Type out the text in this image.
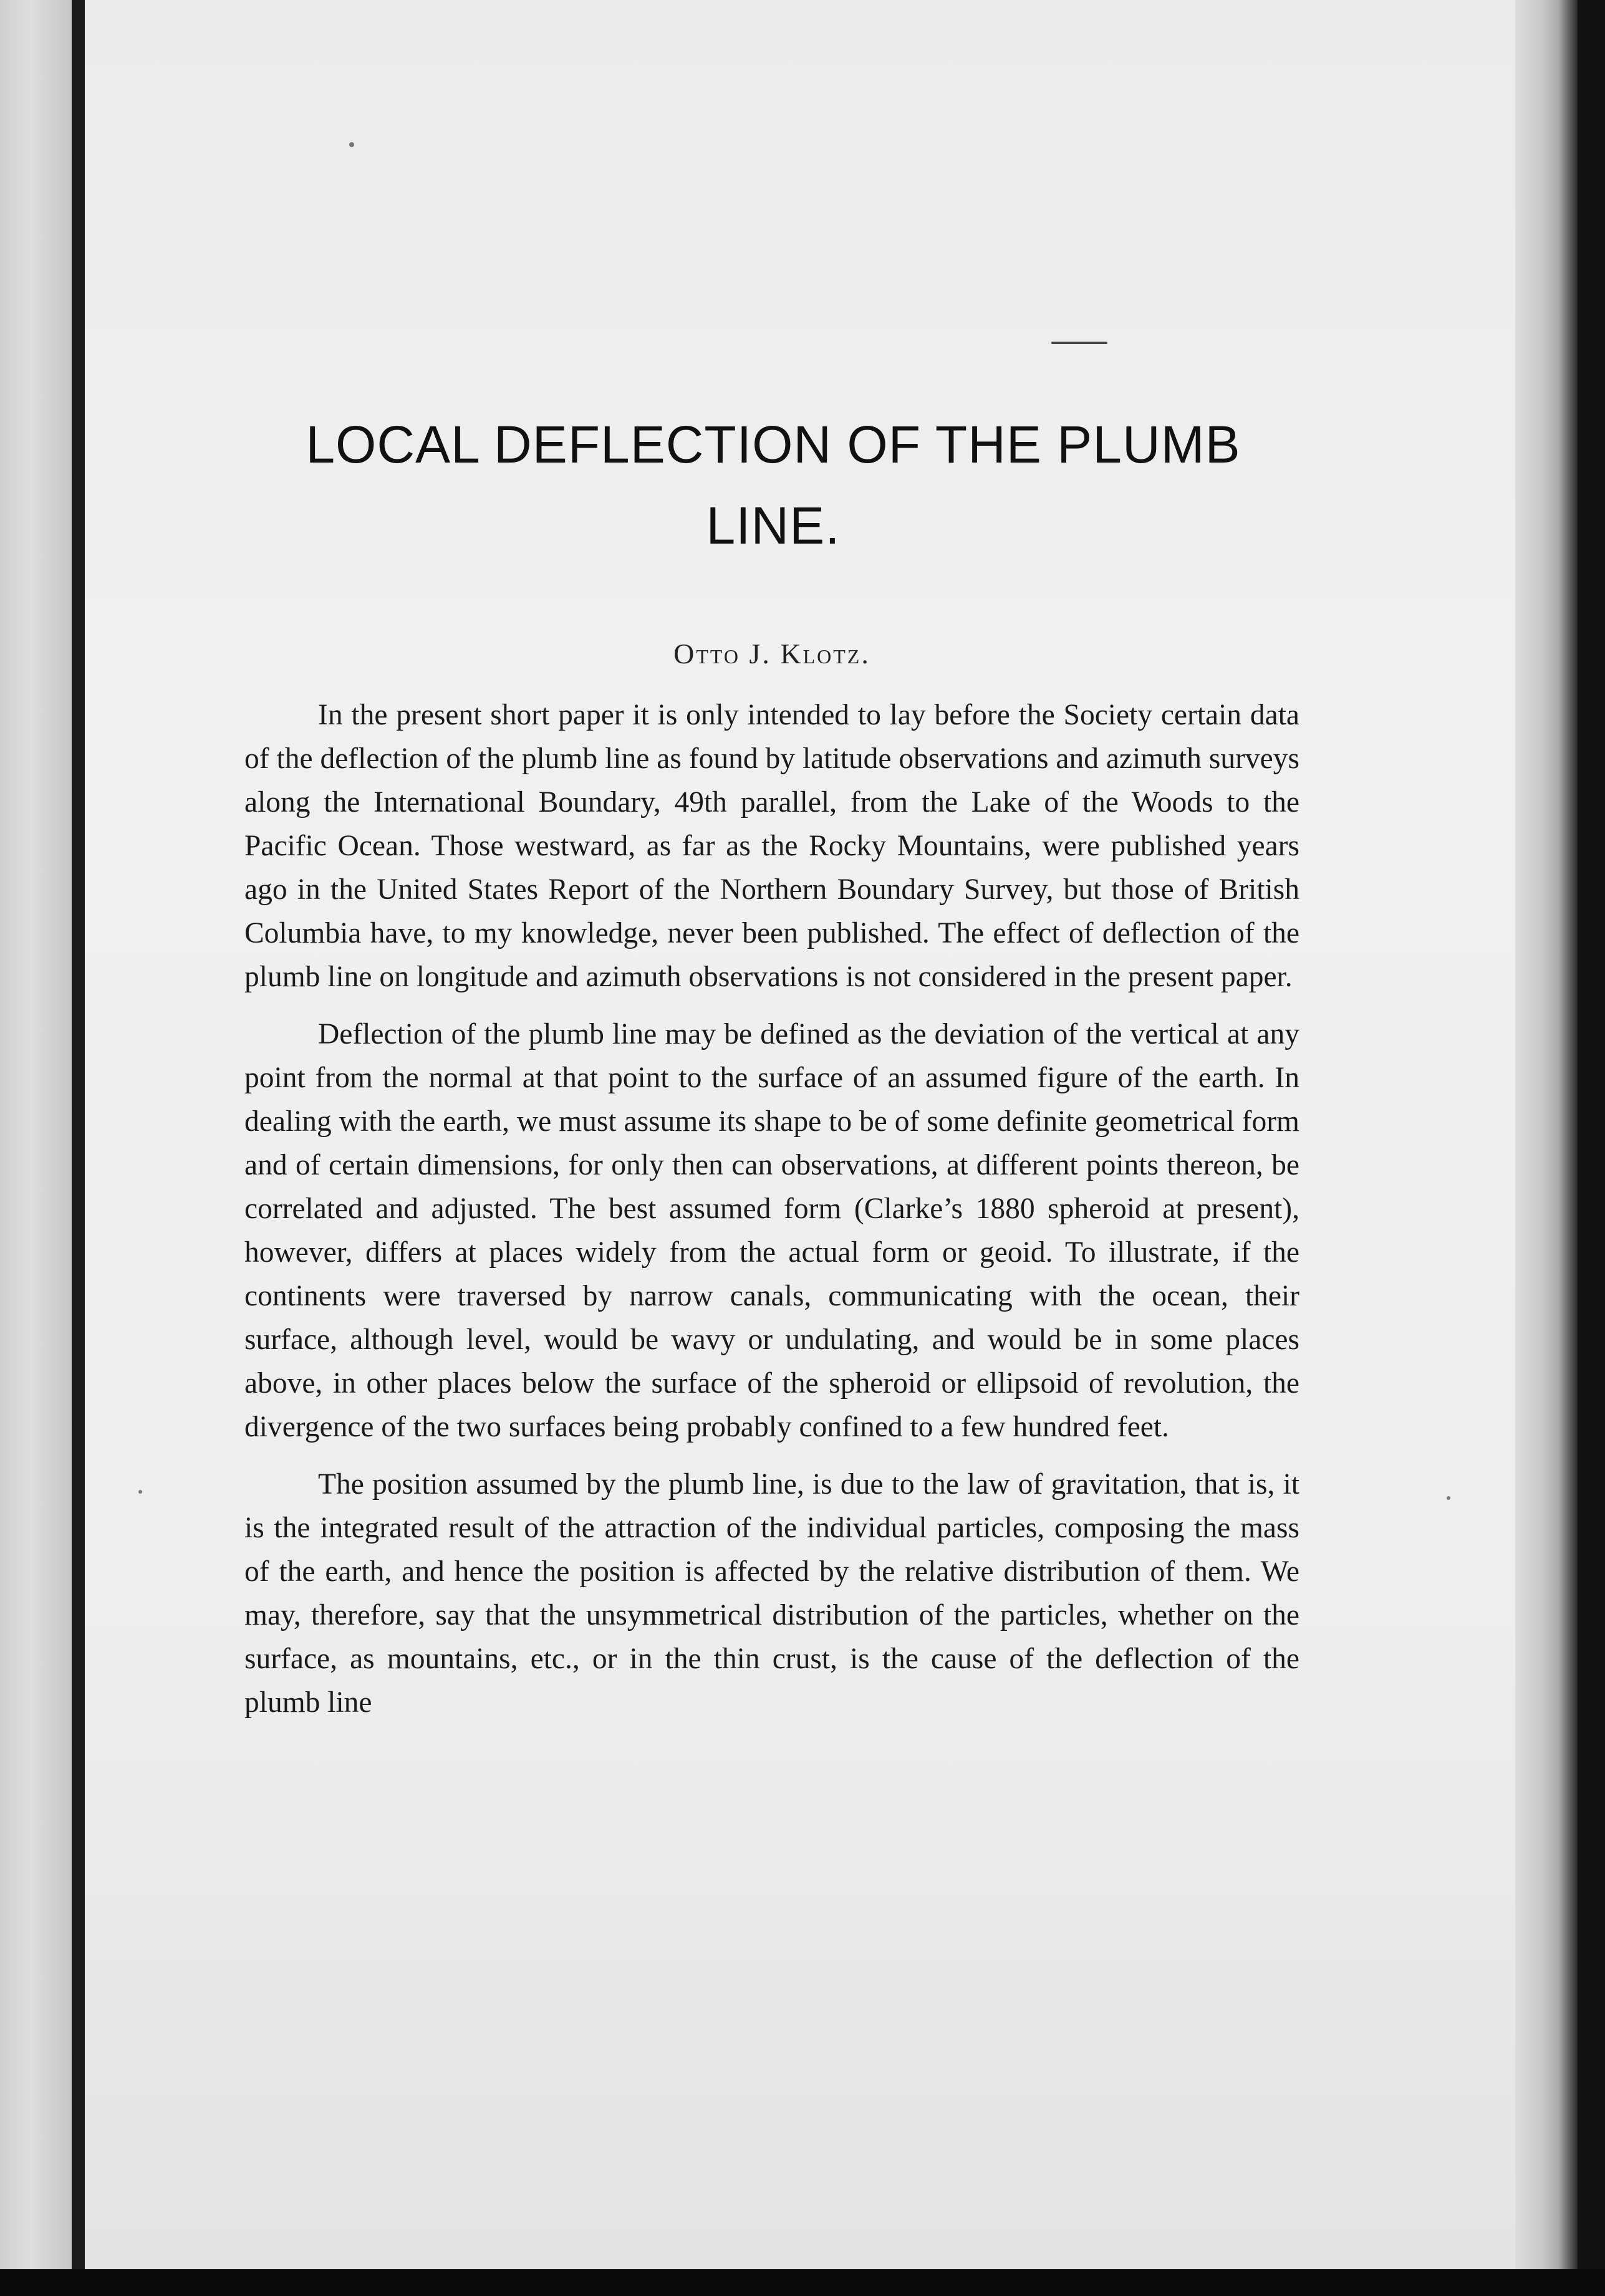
LOCAL DEFLECTION OF THE PLUMB LINE.
Otto J. Klotz.

In the present short paper it is only intended to lay before the Society certain data of the deflection of the plumb line as found by latitude observations and azimuth surveys along the International Boundary, 49th parallel, from the Lake of the Woods to the Pacific Ocean. Those westward, as far as the Rocky Mountains, were published years ago in the United States Report of the Northern Boundary Survey, but those of British Columbia have, to my knowledge, never been published. The effect of deflection of the plumb line on longitude and azimuth observations is not considered in the present paper.

Deflection of the plumb line may be defined as the deviation of the vertical at any point from the normal at that point to the surface of an assumed figure of the earth. In dealing with the earth, we must assume its shape to be of some definite geometrical form and of certain dimensions, for only then can observations, at different points thereon, be correlated and adjusted. The best assumed form (Clarke’s 1880 spheroid at present), however, differs at places widely from the actual form or geoid. To illustrate, if the continents were traversed by narrow canals, communicating with the ocean, their surface, although level, would be wavy or undulating, and would be in some places above, in other places below the surface of the spheroid or ellipsoid of revolution, the divergence of the two surfaces being probably confined to a few hundred feet.

The position assumed by the plumb line, is due to the law of gravitation, that is, it is the integrated result of the attraction of the individual particles, composing the mass of the earth, and hence the position is affected by the relative distribution of them. We may, therefore, say that the unsymmetrical distribution of the particles, whether on the surface, as mountains, etc., or in the thin crust, is the cause of the deflection of the plumb line
